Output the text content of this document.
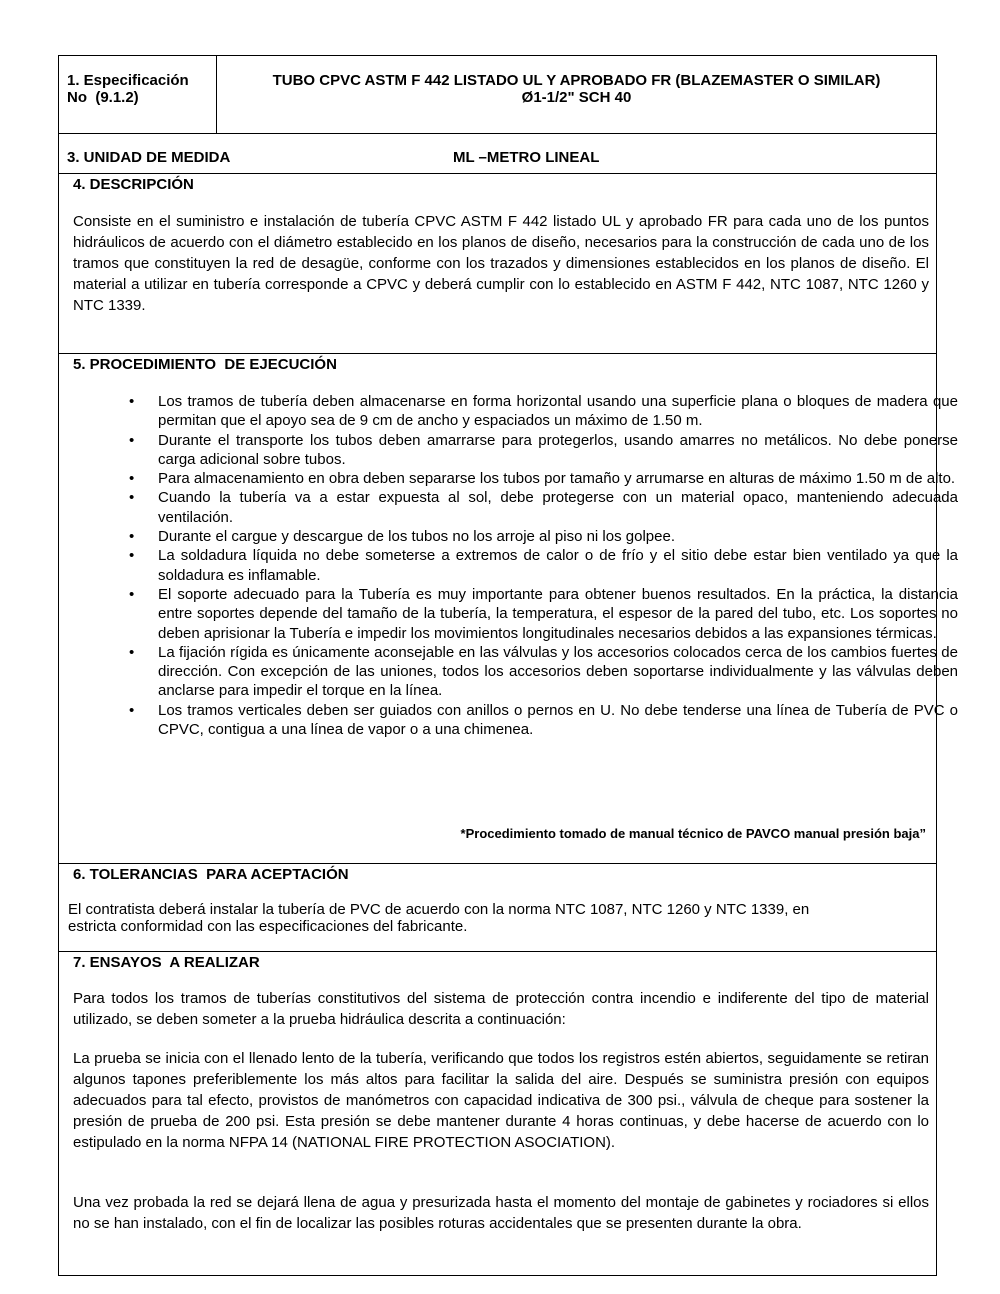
1. Especificación
No  (9.1.2)
TUBO CPVC ASTM F 442 LISTADO UL Y APROBADO FR (BLAZEMASTER O SIMILAR)
Ø1-1/2" SCH 40
3. UNIDAD DE MEDIDA	ML –METRO LINEAL
4. DESCRIPCIÓN
Consiste en el suministro e instalación de tubería CPVC ASTM F 442 listado UL y aprobado FR para cada uno de los puntos hidráulicos de acuerdo con el diámetro establecido en los planos de diseño, necesarios para la construcción de cada uno de los tramos que constituyen la red de desagüe, conforme con los trazados y dimensiones establecidos en los planos de diseño. El material a utilizar en tubería corresponde a CPVC y deberá cumplir con lo establecido en ASTM F 442, NTC 1087, NTC 1260 y NTC 1339.
5. PROCEDIMIENTO  DE EJECUCIÓN
• Los tramos de tubería deben almacenarse en forma horizontal usando una superficie plana o bloques de madera que permitan que el apoyo sea de 9 cm de ancho y espaciados un máximo de 1.50 m.
• Durante el transporte los tubos deben amarrarse para protegerlos, usando amarres no metálicos. No debe ponerse carga adicional sobre tubos.
• Para almacenamiento en obra deben separarse los tubos por tamaño y arrumarse en alturas de máximo 1.50 m de alto.
• Cuando la tubería va a estar expuesta al sol, debe protegerse con un material opaco, manteniendo adecuada ventilación.
• Durante el cargue y descargue de los tubos no los arroje al piso ni los golpee.
• La soldadura líquida no debe someterse a extremos de calor o de frío y el sitio debe estar bien ventilado ya que la soldadura es inflamable.
• El soporte adecuado para la Tubería es muy importante para obtener buenos resultados. En la práctica, la distancia entre soportes depende del tamaño de la tubería, la temperatura, el espesor de la pared del tubo, etc. Los soportes no deben aprisionar la Tubería e impedir los movimientos longitudinales necesarios debidos a las expansiones térmicas.
• La fijación rígida es únicamente aconsejable en las válvulas y los accesorios colocados cerca de los cambios fuertes de dirección. Con excepción de las uniones, todos los accesorios deben soportarse individualmente y las válvulas deben anclarse para impedir el torque en la línea.
• Los tramos verticales deben ser guiados con anillos o pernos en U. No debe tenderse una línea de Tubería de PVC o CPVC, contigua a una línea de vapor o a una chimenea.
*Procedimiento tomado de manual técnico de PAVCO manual presión baja”
6. TOLERANCIAS  PARA ACEPTACIÓN
El contratista deberá instalar la tubería de PVC de acuerdo con la norma NTC 1087, NTC 1260 y NTC 1339, en
estricta conformidad con las especificaciones del fabricante.
7. ENSAYOS  A REALIZAR
Para todos los tramos de tuberías constitutivos del sistema de protección contra incendio e indiferente del tipo de material utilizado, se deben someter a la prueba hidráulica descrita a continuación:
La prueba se inicia con el llenado lento de la tubería, verificando que todos los registros estén abiertos, seguidamente se retiran algunos tapones preferiblemente los más altos para facilitar la salida del aire. Después se suministra presión con equipos adecuados para tal efecto, provistos de manómetros con capacidad indicativa de 300 psi., válvula de cheque para sostener la presión de prueba de 200 psi. Esta presión se debe mantener durante 4 horas continuas, y debe hacerse de acuerdo con lo estipulado en la norma NFPA 14 (NATIONAL FIRE PROTECTION ASOCIATION).
Una vez probada la red se dejará llena de agua y presurizada hasta el momento del montaje de gabinetes y rociadores si ellos no se han instalado, con el fin de localizar las posibles roturas accidentales que se presenten durante la obra.
